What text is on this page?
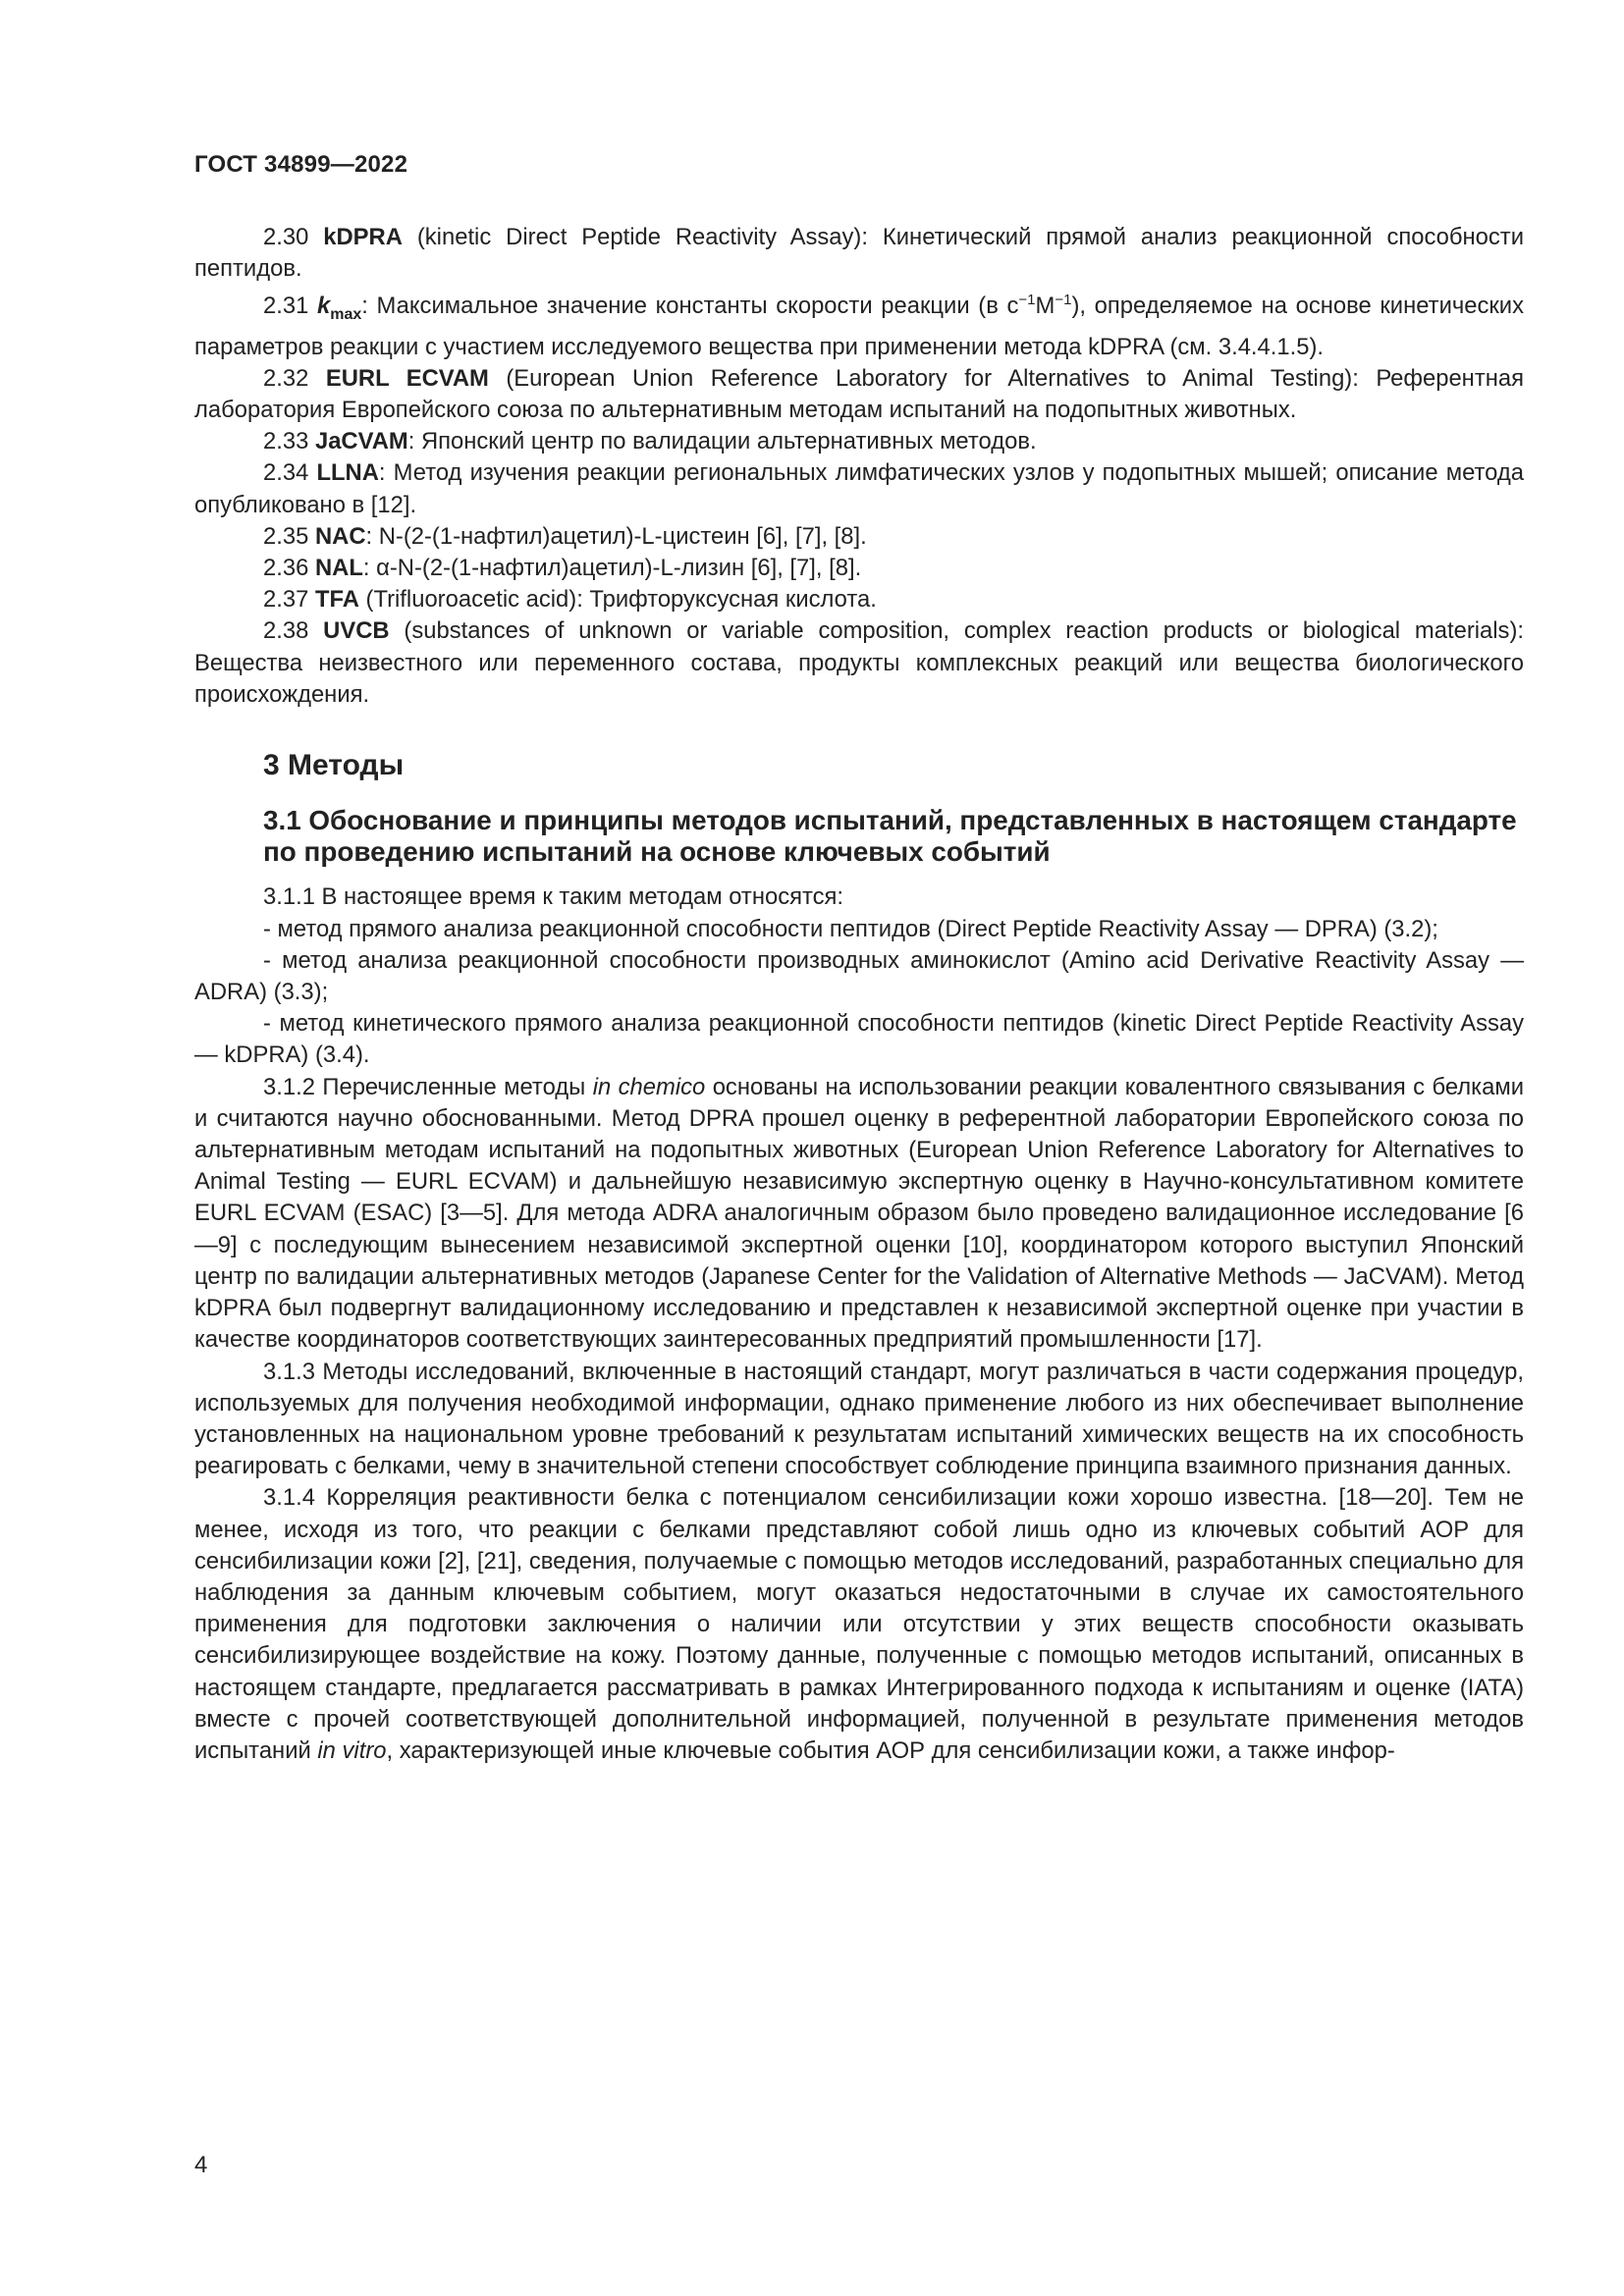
ГОСТ 34899—2022

2.30 kDPRA (kinetic Direct Peptide Reactivity Assay): Кинетический прямой анализ реакционной способности пептидов.

2.31 $k_{max}$: Максимальное значение константы скорости реакции (в $с^{-1}М^{-1}$), определяемое на основе кинетических параметров реакции с участием исследуемого вещества при применении метода kDPRA (см. 3.4.4.1.5).

2.32 EURL ECVAM (European Union Reference Laboratory for Alternatives to Animal Testing): Референтная лаборатория Европейского союза по альтернативным методам испытаний на подопытных животных.

2.33 JaCVAM: Японский центр по валидации альтернативных методов.

2.34 LLNA: Метод изучения реакции региональных лимфатических узлов у подопытных мышей; описание метода опубликовано в [12].

2.35 NAC: N-(2-(1-нафтил)ацетил)-L-цистеин [6], [7], [8].

2.36 NAL: α-N-(2-(1-нафтил)ацетил)-L-лизин [6], [7], [8].

2.37 TFA (Trifluoroacetic acid): Трифторуксусная кислота.

2.38 UVCB (substances of unknown or variable composition, complex reaction products or biological materials): Вещества неизвестного или переменного состава, продукты комплексных реакций или вещества биологического происхождения.

3 Методы
3.1 Обоснование и принципы методов испытаний, представленных в настоящем стандарте по проведению испытаний на основе ключевых событий

3.1.1 В настоящее время к таким методам относятся:

- метод прямого анализа реакционной способности пептидов (Direct Peptide Reactivity Assay — DPRA) (3.2);

- метод анализа реакционной способности производных аминокислот (Amino acid Derivative Reactivity Assay — ADRA) (3.3);

- метод кинетического прямого анализа реакционной способности пептидов (kinetic Direct Peptide Reactivity Assay — kDPRA) (3.4).

3.1.2 Перечисленные методы in chemico основаны на использовании реакции ковалентного связывания с белками и считаются научно обоснованными. Метод DPRA прошел оценку в референтной лаборатории Европейского союза по альтернативным методам испытаний на подопытных животных (European Union Reference Laboratory for Alternatives to Animal Testing — EURL ECVAM) и дальнейшую независимую экспертную оценку в Научно-консультативном комитете EURL ECVAM (ESAC) [3—5]. Для метода ADRA аналогичным образом было проведено валидационное исследование [6—9] с последующим вынесением независимой экспертной оценки [10], координатором которого выступил Японский центр по валидации альтернативных методов (Japanese Center for the Validation of Alternative Methods — JaCVAM). Метод kDPRA был подвергнут валидационному исследованию и представлен к независимой экспертной оценке при участии в качестве координаторов соответствующих заинтересованных предприятий промышленности [17].

3.1.3 Методы исследований, включенные в настоящий стандарт, могут различаться в части содержания процедур, используемых для получения необходимой информации, однако применение любого из них обеспечивает выполнение установленных на национальном уровне требований к результатам испытаний химических веществ на их способность реагировать с белками, чему в значительной степени способствует соблюдение принципа взаимного признания данных.

3.1.4 Корреляция реактивности белка с потенциалом сенсибилизации кожи хорошо известна. [18—20]. Тем не менее, исходя из того, что реакции с белками представляют собой лишь одно из ключевых событий АОР для сенсибилизации кожи [2], [21], сведения, получаемые с помощью методов исследований, разработанных специально для наблюдения за данным ключевым событием, могут оказаться недостаточными в случае их самостоятельного применения для подготовки заключения о наличии или отсутствии у этих веществ способности оказывать сенсибилизирующее воздействие на кожу. Поэтому данные, полученные с помощью методов испытаний, описанных в настоящем стандарте, предлагается рассматривать в рамках Интегрированного подхода к испытаниям и оценке (IATA) вместе с прочей соответствующей дополнительной информацией, полученной в результате применения методов испытаний in vitro, характеризующей иные ключевые события АОР для сенсибилизации кожи, а также инфор-

4
